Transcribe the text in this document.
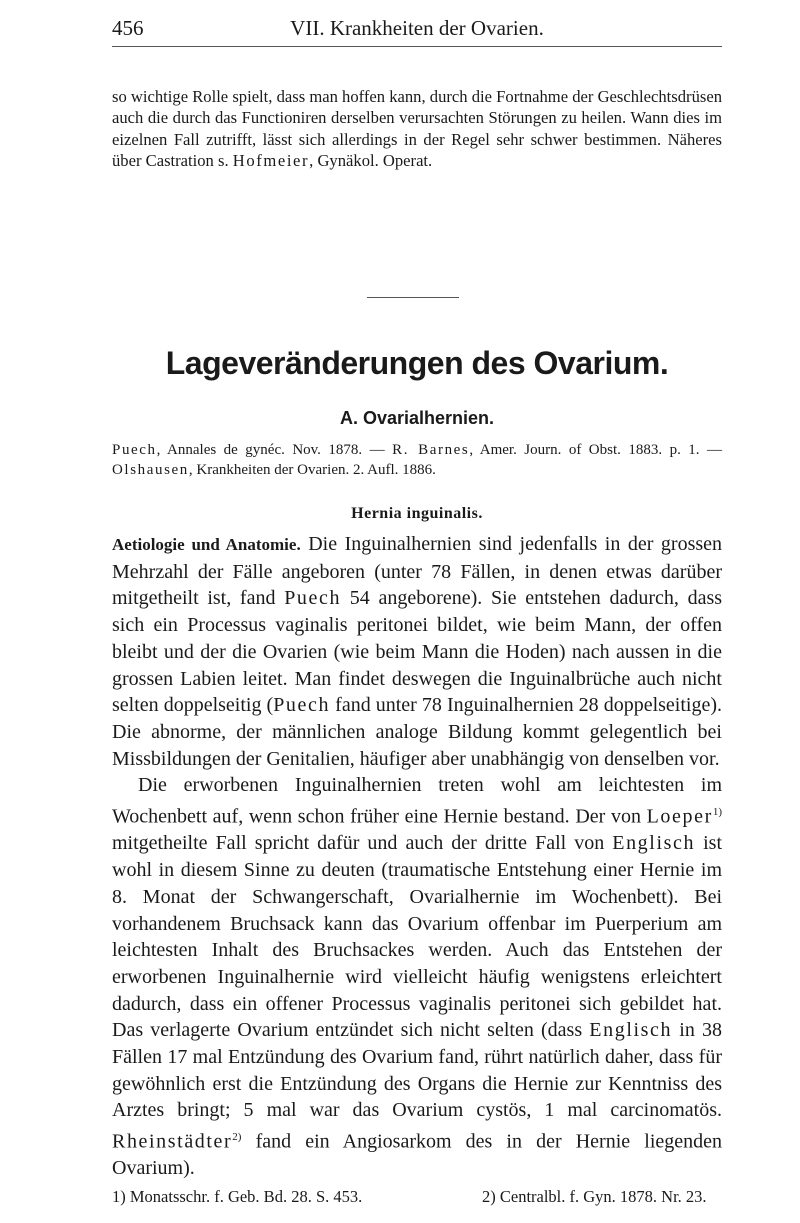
456	VII. Krankheiten der Ovarien.
so wichtige Rolle spielt, dass man hoffen kann, durch die Fortnahme der Geschlechtsdrüsen auch die durch das Functioniren derselben verursachten Störungen zu heilen. Wann dies im eizelnen Fall zutrifft, lässt sich allerdings in der Regel sehr schwer bestimmen. Näheres über Castration s. Hofmeier, Gynäkol. Operat.
Lageveränderungen des Ovarium.
A. Ovarialhernien.
Puech, Annales de gynéc. Nov. 1878. — R. Barnes, Amer. Journ. of Obst. 1883. p. 1. — Olshausen, Krankheiten der Ovarien. 2. Aufl. 1886.
Hernia inguinalis.

Aetiologie und Anatomie. Die Inguinalhernien sind jedenfalls in der grossen Mehrzahl der Fälle angeboren (unter 78 Fällen, in denen etwas darüber mitgetheilt ist, fand Puech 54 angeborene). Sie entstehen dadurch, dass sich ein Processus vaginalis peritonei bildet, wie beim Mann, der offen bleibt und der die Ovarien (wie beim Mann die Hoden) nach aussen in die grossen Labien leitet. Man findet deswegen die Inguinalbrüche auch nicht selten doppelseitig (Puech fand unter 78 Inguinalhernien 28 doppelseitige). Die abnorme, der männlichen analoge Bildung kommt gelegentlich bei Missbildungen der Genitalien, häufiger aber unabhängig von denselben vor.

Die erworbenen Inguinalhernien treten wohl am leichtesten im Wochenbett auf, wenn schon früher eine Hernie bestand. Der von Loeper$^{1)}$ mitgetheilte Fall spricht dafür und auch der dritte Fall von Englisch ist wohl in diesem Sinne zu deuten (traumatische Entstehung einer Hernie im 8. Monat der Schwangerschaft, Ovarialhernie im Wochenbett). Bei vorhandenem Bruchsack kann das Ovarium offenbar im Puerperium am leichtesten Inhalt des Bruchsackes werden. Auch das Entstehen der erworbenen Inguinalhernie wird vielleicht häufig wenigstens erleichtert dadurch, dass ein offener Processus vaginalis peritonei sich gebildet hat. Das verlagerte Ovarium entzündet sich nicht selten (dass Englisch in 38 Fällen 17 mal Entzündung des Ovarium fand, rührt natürlich daher, dass für gewöhnlich erst die Entzündung des Organs die Hernie zur Kenntniss des Arztes bringt; 5 mal war das Ovarium cystös, 1 mal carcinomatös. Rheinstädter$^{2)}$ fand ein Angiosarkom des in der Hernie liegenden Ovarium).

1) Monatsschr. f. Geb. Bd. 28. S. 453.	2) Centralbl. f. Gyn. 1878. Nr. 23.
